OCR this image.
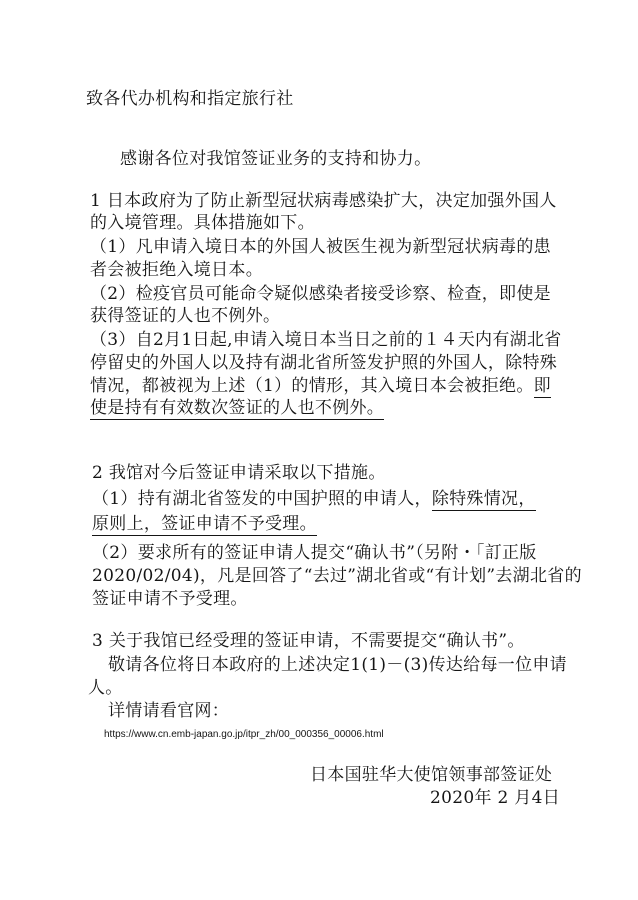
致各代办机构和指定旅行社

感谢各位对我馆签证业务的支持和协力。

1 日本政府为了防止新型冠状病毒感染扩大，决定加强外国人

的入境管理。具体措施如下。

（1）凡申请入境日本的外国人被医生视为新型冠状病毒的患

者会被拒绝入境日本。

（2）检疫官员可能命令疑似感染者接受诊察、检查，即使是

获得签证的人也不例外。

（3）自2月1日起,申请入境日本当日之前的１４天内有湖北省

停留史的外国人以及持有湖北省所签发护照的外国人，除特殊

情况，都被视为上述（1）的情形，其入境日本会被拒绝。即

使是持有有效数次签证的人也不例外。

2 我馆对今后签证申请采取以下措施。

（1）持有湖北省签发的中国护照的申请人，除特殊情况，

原则上，签证申请不予受理。

（2）要求所有的签证申请人提交“确认书”（另附・「訂正版

2020/02/04)，凡是回答了“去过”湖北省或“有计划”去湖北省的

签证申请不予受理。

3 关于我馆已经受理的签证申请，不需要提交“确认书”。

敬请各位将日本政府的上述决定1(1)－(3)传达给每一位申请

人。

详情请看官网：

https://www.cn.emb-japan.go.jp/itpr_zh/00_000356_00006.html

日本国驻华大使馆领事部签证处

2020年 2 月4日
